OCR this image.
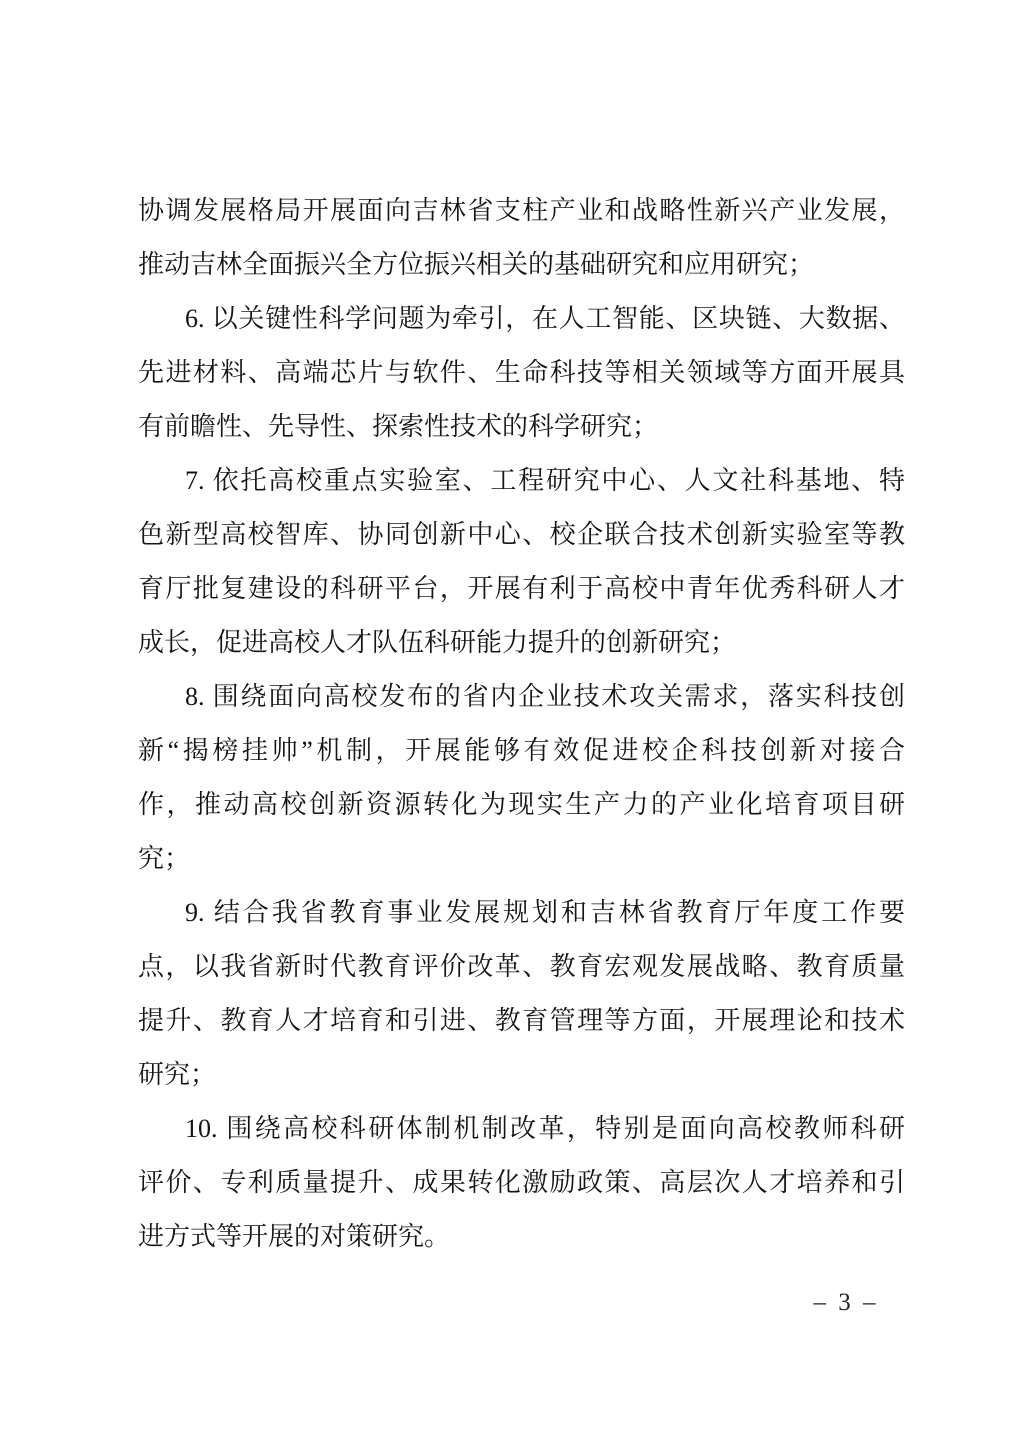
协调发展格局开展面向吉林省支柱产业和战略性新兴产业发展，
推动吉林全面振兴全方位振兴相关的基础研究和应用研究；
6. 以关键性科学问题为牵引，在人工智能、区块链、大数据、
先进材料、高端芯片与软件、生命科技等相关领域等方面开展具
有前瞻性、先导性、探索性技术的科学研究；
7. 依托高校重点实验室、工程研究中心、人文社科基地、特
色新型高校智库、协同创新中心、校企联合技术创新实验室等教
育厅批复建设的科研平台，开展有利于高校中青年优秀科研人才
成长，促进高校人才队伍科研能力提升的创新研究；
8. 围绕面向高校发布的省内企业技术攻关需求，落实科技创
新“揭榜挂帅”机制，开展能够有效促进校企科技创新对接合
作，推动高校创新资源转化为现实生产力的产业化培育项目研
究；
9. 结合我省教育事业发展规划和吉林省教育厅年度工作要
点，以我省新时代教育评价改革、教育宏观发展战略、教育质量
提升、教育人才培育和引进、教育管理等方面，开展理论和技术
研究；
10. 围绕高校科研体制机制改革，特别是面向高校教师科研
评价、专利质量提升、成果转化激励政策、高层次人才培养和引
进方式等开展的对策研究。
– 3 –
